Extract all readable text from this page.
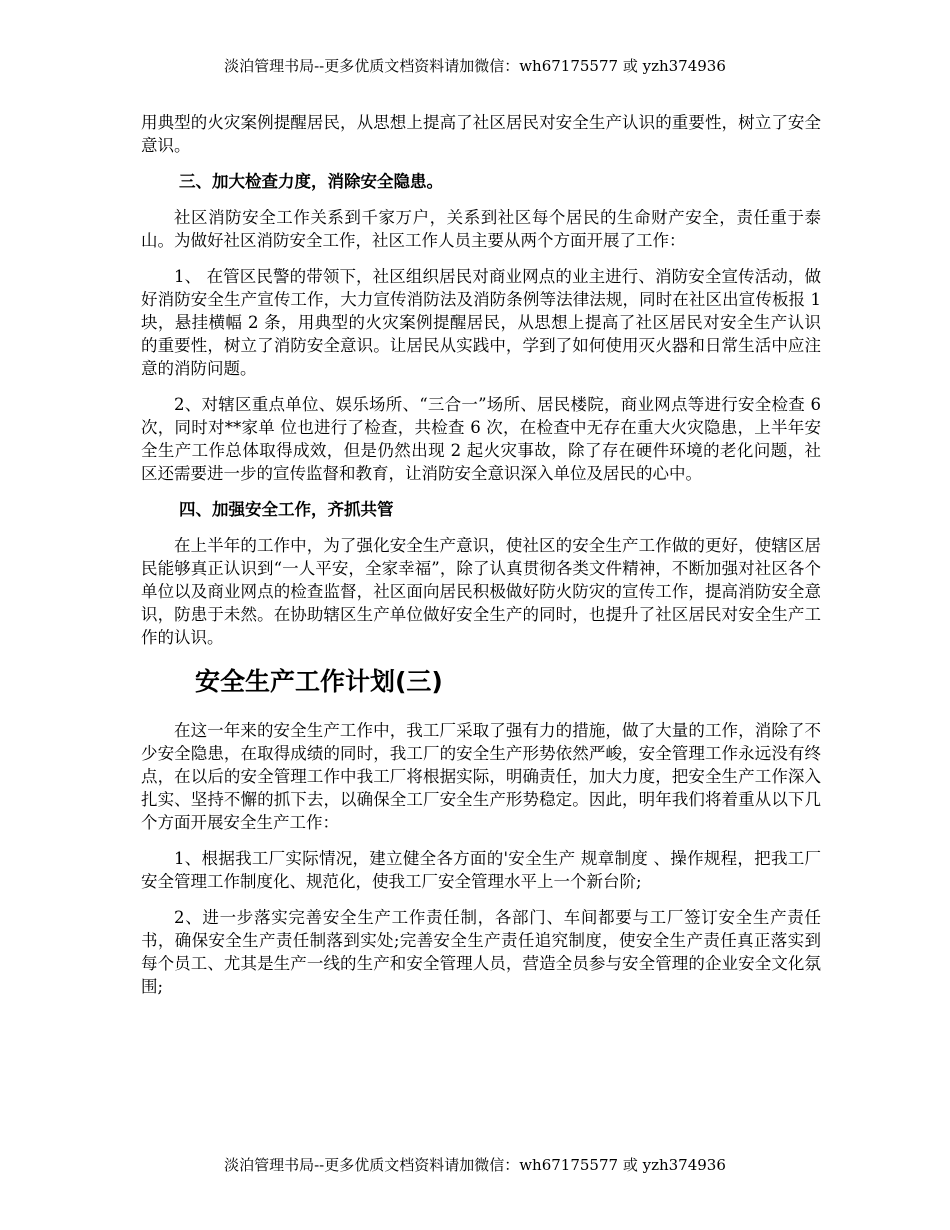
淡泊管理书局--更多优质文档资料请加微信：wh67175577 或 yzh374936

用典型的火灾案例提醒居民，从思想上提高了社区居民对安全生产认识的重要性，树立了安全意识。

三、加大检查力度，消除安全隐患。

社区消防安全工作关系到千家万户，关系到社区每个居民的生命财产安全，责任重于泰山。为做好社区消防安全工作，社区工作人员主要从两个方面开展了工作：

1、 在管区民警的带领下，社区组织居民对商业网点的业主进行、消防安全宣传活动，做好消防安全生产宣传工作，大力宣传消防法及消防条例等法律法规，同时在社区出宣传板报 1 块，悬挂横幅 2 条，用典型的火灾案例提醒居民，从思想上提高了社区居民对安全生产认识的重要性，树立了消防安全意识。让居民从实践中，学到了如何使用灭火器和日常生活中应注意的消防问题。

2、对辖区重点单位、娱乐场所、“三合一”场所、居民楼院，商业网点等进行安全检查 6 次，同时对**家单 位也进行了检查，共检查 6 次，在检查中无存在重大火灾隐患，上半年安全生产工作总体取得成效，但是仍然出现 2 起火灾事故，除了存在硬件环境的老化问题，社区还需要进一步的宣传监督和教育，让消防安全意识深入单位及居民的心中。

四、加强安全工作，齐抓共管

在上半年的工作中，为了强化安全生产意识，使社区的安全生产工作做的更好，使辖区居民能够真正认识到“一人平安，全家幸福”，除了认真贯彻各类文件精神，不断加强对社区各个单位以及商业网点的检查监督，社区面向居民积极做好防火防灾的宣传工作，提高消防安全意识，防患于未然。在协助辖区生产单位做好安全生产的同时，也提升了社区居民对安全生产工作的认识。

安全生产工作计划(三)

在这一年来的安全生产工作中，我工厂采取了强有力的措施，做了大量的工作，消除了不少安全隐患，在取得成绩的同时，我工厂的安全生产形势依然严峻，安全管理工作永远没有终点，在以后的安全管理工作中我工厂将根据实际，明确责任，加大力度，把安全生产工作深入扎实、坚持不懈的抓下去，以确保全工厂安全生产形势稳定。因此，明年我们将着重从以下几个方面开展安全生产工作：

1、根据我工厂实际情况，建立健全各方面的'安全生产 规章制度 、操作规程，把我工厂安全管理工作制度化、规范化，使我工厂安全管理水平上一个新台阶;

2、进一步落实完善安全生产工作责任制，各部门、车间都要与工厂签订安全生产责任书，确保安全生产责任制落到实处;完善安全生产责任追究制度，使安全生产责任真正落实到每个员工、尤其是生产一线的生产和安全管理人员，营造全员参与安全管理的企业安全文化氛围;

淡泊管理书局--更多优质文档资料请加微信：wh67175577 或 yzh374936
